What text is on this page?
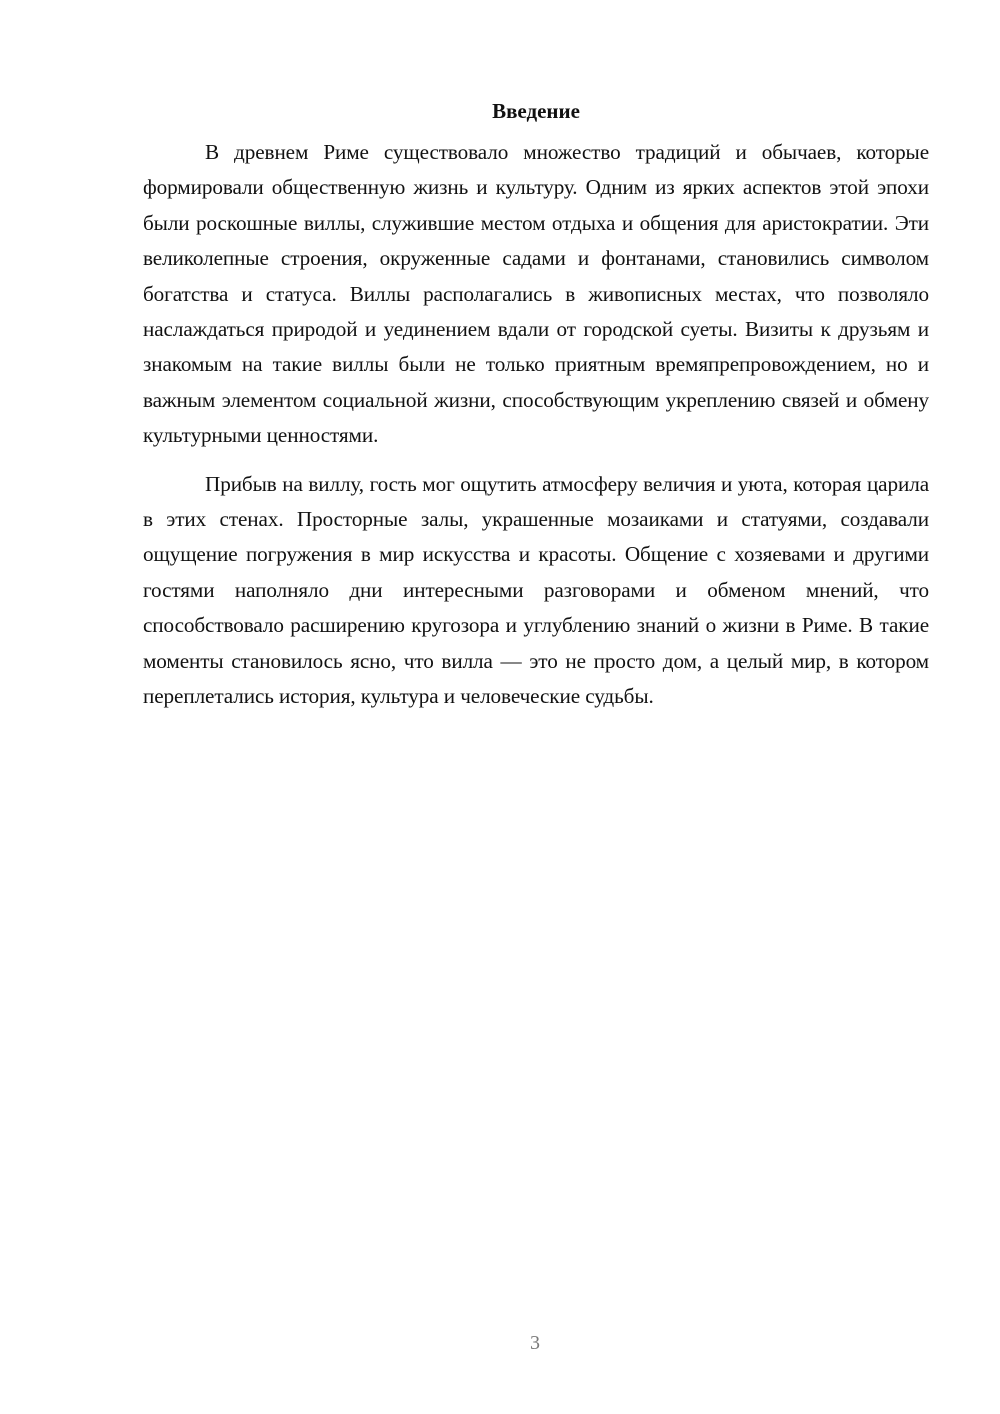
Введение

В древнем Риме существовало множество традиций и обычаев, которые формировали общественную жизнь и культуру. Одним из ярких аспектов этой эпохи были роскошные виллы, служившие местом отдыха и общения для аристократии. Эти великолепные строения, окруженные садами и фонтанами, становились символом богатства и статуса. Виллы располагались в живописных местах, что позволяло наслаждаться природой и уединением вдали от городской суеты. Визиты к друзьям и знакомым на такие виллы были не только приятным времяпрепровождением, но и важным элементом социальной жизни, способствующим укреплению связей и обмену культурными ценностями.

Прибыв на виллу, гость мог ощутить атмосферу величия и уюта, которая царила в этих стенах. Просторные залы, украшенные мозаиками и статуями, создавали ощущение погружения в мир искусства и красоты. Общение с хозяевами и другими гостями наполняло дни интересными разговорами и обменом мнений, что способствовало расширению кругозора и углублению знаний о жизни в Риме. В такие моменты становилось ясно, что вилла — это не просто дом, а целый мир, в котором переплетались история, культура и человеческие судьбы.

3
